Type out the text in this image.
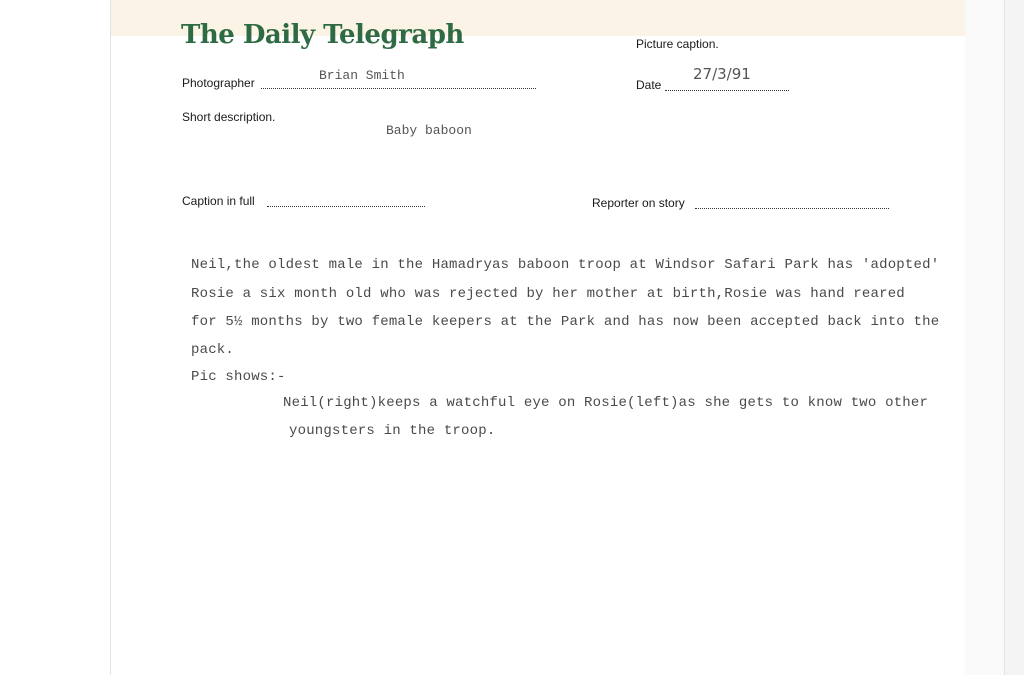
The Daily Telegraph	Picture caption.
Photographer	Brian Smith
Date
27/3/91
Short description.
Baby baboon
Caption in full	Reporter on story
Neil,the oldest male in the Hamadryas baboon troop at Windsor Safari Park has 'adopted'
Rosie a six month old who was rejected by her mother at birth,Rosie was hand reared
for 5½ months by two female keepers at the Park and has now been accepted back into the
pack.
Pic shows:-
Neil(right)keeps a watchful eye on Rosie(left)as she gets to know two other
youngsters in the troop.
